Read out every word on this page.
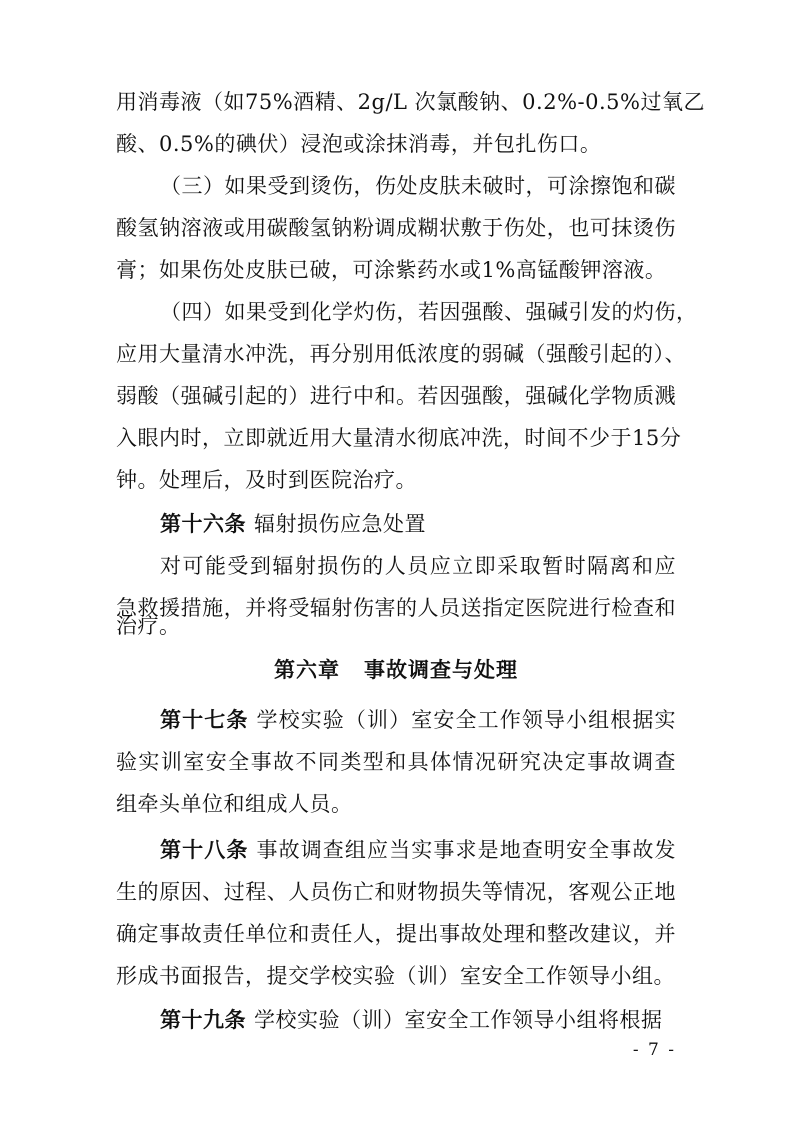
用消毒液（如75%酒精、2g/L 次氯酸钠、0.2%-0.5%过氧乙
酸、0.5%的碘伏）浸泡或涂抹消毒，并包扎伤口。
（三）如果受到烫伤，伤处皮肤未破时，可涂擦饱和碳
酸氢钠溶液或用碳酸氢钠粉调成糊状敷于伤处，也可抹烫伤
膏；如果伤处皮肤已破，可涂紫药水或1%高锰酸钾溶液。
（四）如果受到化学灼伤，若因强酸、强碱引发的灼伤，
应用大量清水冲洗，再分别用低浓度的弱碱（强酸引起的）、
弱酸（强碱引起的）进行中和。若因强酸，强碱化学物质溅
入眼内时，立即就近用大量清水彻底冲洗，时间不少于15分
钟。处理后，及时到医院治疗。
第十六条 辐射损伤应急处置
对可能受到辐射损伤的人员应立即采取暂时隔离和应
急救援措施，并将受辐射伤害的人员送指定医院进行检查和
治疗。
第六章 事故调查与处理
第十七条 学校实验（训）室安全工作领导小组根据实
验实训室安全事故不同类型和具体情况研究决定事故调查
组牵头单位和组成人员。
第十八条 事故调查组应当实事求是地查明安全事故发
生的原因、过程、人员伤亡和财物损失等情况，客观公正地
确定事故责任单位和责任人，提出事故处理和整改建议，并
形成书面报告，提交学校实验（训）室安全工作领导小组。
第十九条 学校实验（训）室安全工作领导小组将根据
- 7 -
